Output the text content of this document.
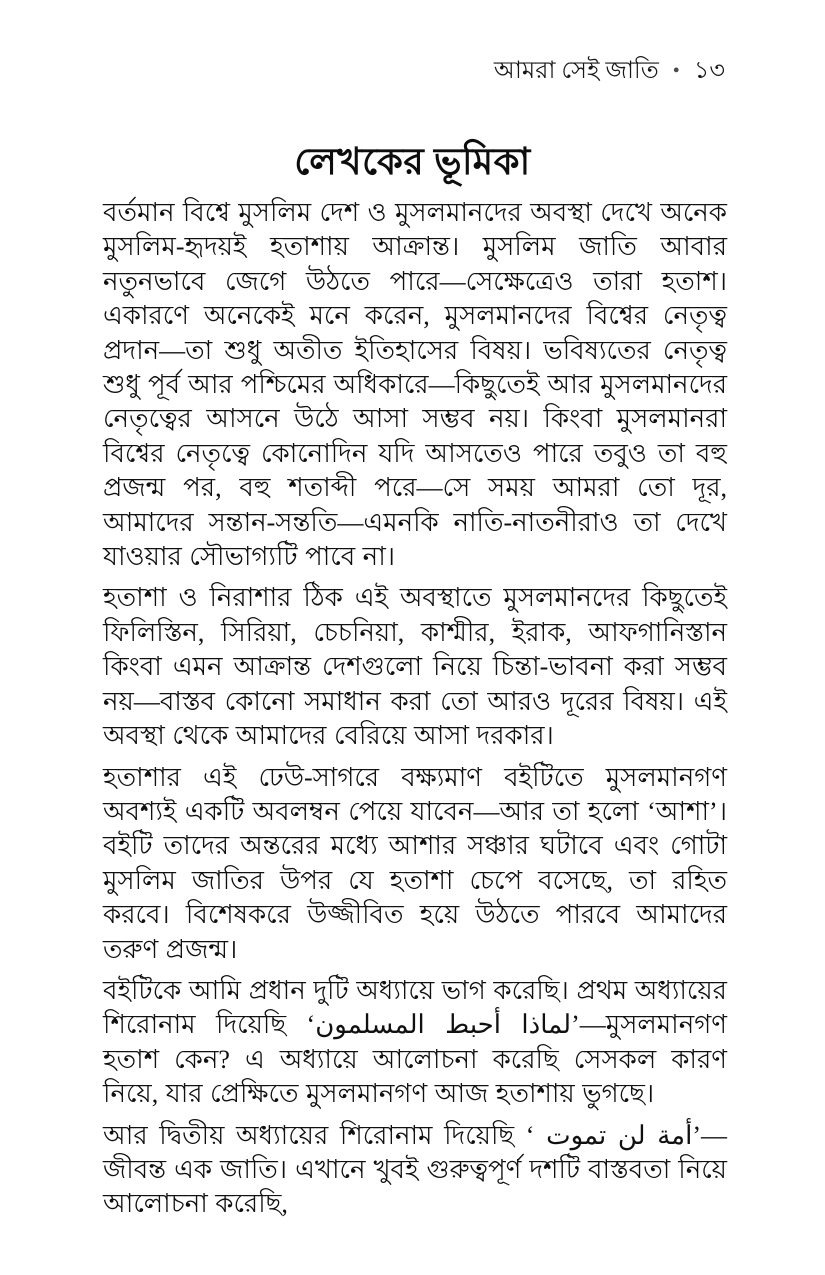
আমরা সেই জাতি • ১৩
লেখকের ভূমিকা

বর্তমান বিশ্বে মুসলিম দেশ ও মুসলমানদের অবস্থা দেখে অনেক মুসলিম-হৃদয়ই হতাশায় আক্রান্ত। মুসলিম জাতি আবার নতুনভাবে জেগে উঠতে পারে—সেক্ষেত্রেও তারা হতাশ। একারণে অনেকেই মনে করেন, মুসলমানদের বিশ্বের নেতৃত্ব প্রদান—তা শুধু অতীত ইতিহাসের বিষয়। ভবিষ্যতের নেতৃত্ব শুধু পূর্ব আর পশ্চিমের অধিকারে—কিছুতেই আর মুসলমানদের নেতৃত্বের আসনে উঠে আসা সম্ভব নয়। কিংবা মুসলমানরা বিশ্বের নেতৃত্বে কোনোদিন যদি আসতেও পারে তবুও তা বহু প্রজন্ম পর, বহু শতাব্দী পরে—সে সময় আমরা তো দূর, আমাদের সন্তান-সন্ততি—এমনকি নাতি-নাতনীরাও তা দেখে যাওয়ার সৌভাগ্যটি পাবে না।

হতাশা ও নিরাশার ঠিক এই অবস্থাতে মুসলমানদের কিছুতেই ফিলিস্তিন, সিরিয়া, চেচনিয়া, কাশ্মীর, ইরাক, আফগানিস্তান কিংবা এমন আক্রান্ত দেশগুলো নিয়ে চিন্তা-ভাবনা করা সম্ভব নয়—বাস্তব কোনো সমাধান করা তো আরও দূরের বিষয়। এই অবস্থা থেকে আমাদের বেরিয়ে আসা দরকার।

হতাশার এই ঢেউ-সাগরে বক্ষ্যমাণ বইটিতে মুসলমানগণ অবশ্যই একটি অবলম্বন পেয়ে যাবেন—আর তা হলো ‘আশা’। বইটি তাদের অন্তরের মধ্যে আশার সঞ্চার ঘটাবে এবং গোটা মুসলিম জাতির উপর যে হতাশা চেপে বসেছে, তা রহিত করবে। বিশেষকরে উজ্জীবিত হয়ে উঠতে পারবে আমাদের তরুণ প্রজন্ম।

বইটিকে আমি প্রধান দুটি অধ্যায়ে ভাগ করেছি। প্রথম অধ্যায়ের শিরোনাম দিয়েছি ‘لماذا أحبط المسلمون’—মুসলমানগণ হতাশ কেন? এ অধ্যায়ে আলোচনা করেছি সেসকল কারণ নিয়ে, যার প্রেক্ষিতে মুসলমানগণ আজ হতাশায় ভুগছে।

আর দ্বিতীয় অধ্যায়ের শিরোনাম দিয়েছি ‘ أمة لن تموت’—জীবন্ত এক জাতি। এখানে খুবই গুরুত্বপূর্ণ দশটি বাস্তবতা নিয়ে আলোচনা করেছি,
